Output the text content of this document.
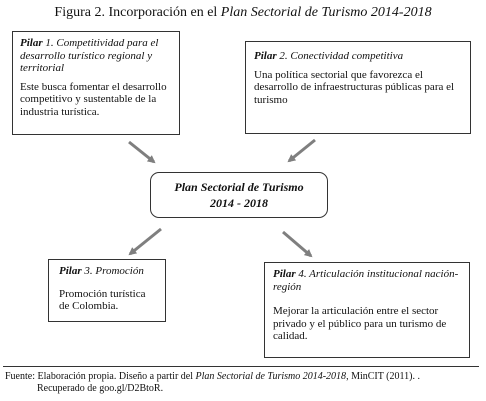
Figura 2. Incorporación en el Plan Sectorial de Turismo 2014-2018
Pilar 1. Competitividad para el desarrollo turístico regional y territorial
Este busca fomentar el desarrollo competitivo y sustentable de la industria turística.
Pilar 2. Conectividad competitiva
Una política sectorial que favorezca el desarrollo de infraestructuras públicas para el turismo
Plan Sectorial de Turismo
2014 - 2018
Pilar 3. Promoción
Promoción turística de Colombia.
Pilar 4. Articulación institucional nación-región
Mejorar la articulación entre el sector privado y el público para un turismo de calidad.
Fuente: Elaboración propia. Diseño a partir del Plan Sectorial de Turismo 2014-2018, MinCIT (2011). .
Recuperado de goo.gl/D2BtoR.
